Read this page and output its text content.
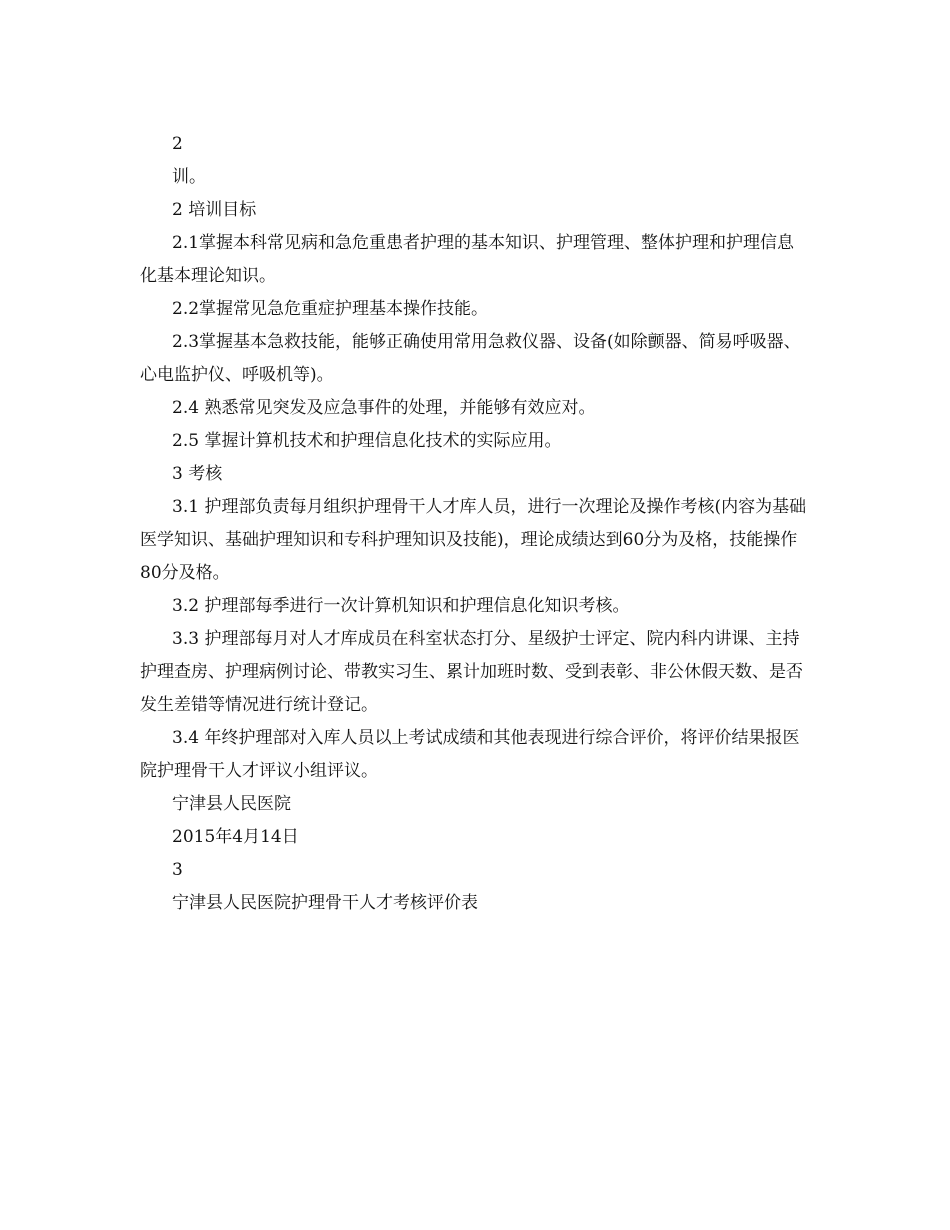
2

训。

2 培训目标

2.1掌握本科常见病和急危重患者护理的基本知识、护理管理、整体护理和护理信息化基本理论知识。

2.2掌握常见急危重症护理基本操作技能。

2.3掌握基本急救技能，能够正确使用常用急救仪器、设备(如除颤器、简易呼吸器、心电监护仪、呼吸机等)。

2.4 熟悉常见突发及应急事件的处理，并能够有效应对。

2.5 掌握计算机技术和护理信息化技术的实际应用。

3 考核

3.1 护理部负责每月组织护理骨干人才库人员，进行一次理论及操作考核(内容为基础医学知识、基础护理知识和专科护理知识及技能)，理论成绩达到60分为及格，技能操作80分及格。

3.2 护理部每季进行一次计算机知识和护理信息化知识考核。

3.3 护理部每月对人才库成员在科室状态打分、星级护士评定、院内科内讲课、主持护理查房、护理病例讨论、带教实习生、累计加班时数、受到表彰、非公休假天数、是否发生差错等情况进行统计登记。

3.4 年终护理部对入库人员以上考试成绩和其他表现进行综合评价，将评价结果报医院护理骨干人才评议小组评议。

宁津县人民医院

2015年4月14日

3

宁津县人民医院护理骨干人才考核评价表
